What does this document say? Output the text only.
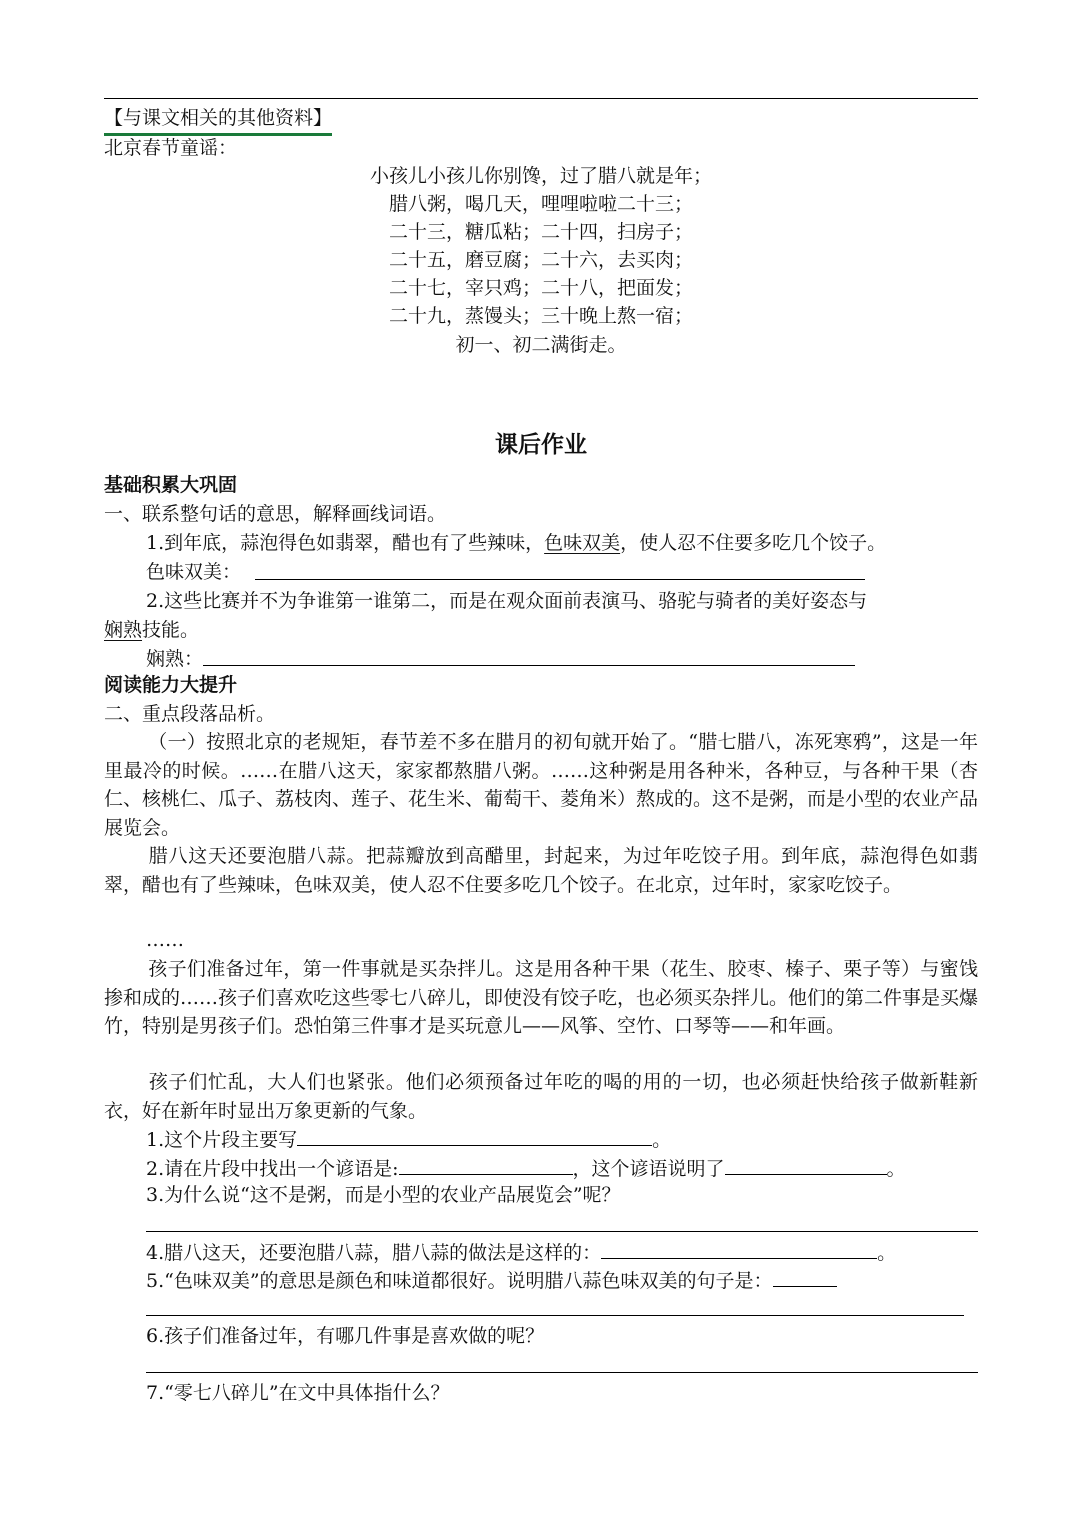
【与课文相关的其他资料】
北京春节童谣：
小孩儿小孩儿你别馋，过了腊八就是年；
腊八粥，喝几天，哩哩啦啦二十三；
二十三，糖瓜粘；二十四，扫房子；
二十五，磨豆腐；二十六，去买肉；
二十七，宰只鸡；二十八，把面发；
二十九，蒸馒头；三十晚上熬一宿；
初一、初二满街走。
课后作业
基础积累大巩固
一、联系整句话的意思，解释画线词语。
1.到年底，蒜泡得色如翡翠，醋也有了些辣味，色味双美，使人忍不住要多吃几个饺子。
色味双美：
2.这些比赛并不为争谁第一谁第二，而是在观众面前表演马、骆驼与骑者的美好姿态与
娴熟技能。
娴熟：
阅读能力大提升
二、重点段落品析。
（一）按照北京的老规矩，春节差不多在腊月的初旬就开始了。“腊七腊八，冻死寒鸦”，这是一年里最冷的时候。……在腊八这天，家家都熬腊八粥。……这种粥是用各种米，各种豆，与各种干果（杏仁、核桃仁、瓜子、荔枝肉、莲子、花生米、葡萄干、菱角米）熬成的。这不是粥，而是小型的农业产品展览会。
腊八这天还要泡腊八蒜。把蒜瓣放到高醋里，封起来，为过年吃饺子用。到年底，蒜泡得色如翡翠，醋也有了些辣味，色味双美，使人忍不住要多吃几个饺子。在北京，过年时，家家吃饺子。
……
孩子们准备过年，第一件事就是买杂拌儿。这是用各种干果（花生、胶枣、榛子、栗子等）与蜜饯掺和成的……孩子们喜欢吃这些零七八碎儿，即使没有饺子吃，也必须买杂拌儿。他们的第二件事是买爆竹，特别是男孩子们。恐怕第三件事才是买玩意儿——风筝、空竹、口琴等——和年画。
孩子们忙乱，大人们也紧张。他们必须预备过年吃的喝的用的一切，也必须赶快给孩子做新鞋新衣，好在新年时显出万象更新的气象。
1.这个片段主要写	。
2.请在片段中找出一个谚语是:	，这个谚语说明了	。
3.为什么说“这不是粥，而是小型的农业产品展览会”呢？
4.腊八这天，还要泡腊八蒜，腊八蒜的做法是这样的：	。
5.“色味双美”的意思是颜色和味道都很好。说明腊八蒜色味双美的句子是：
6.孩子们准备过年，有哪几件事是喜欢做的呢？
7.“零七八碎儿”在文中具体指什么？
